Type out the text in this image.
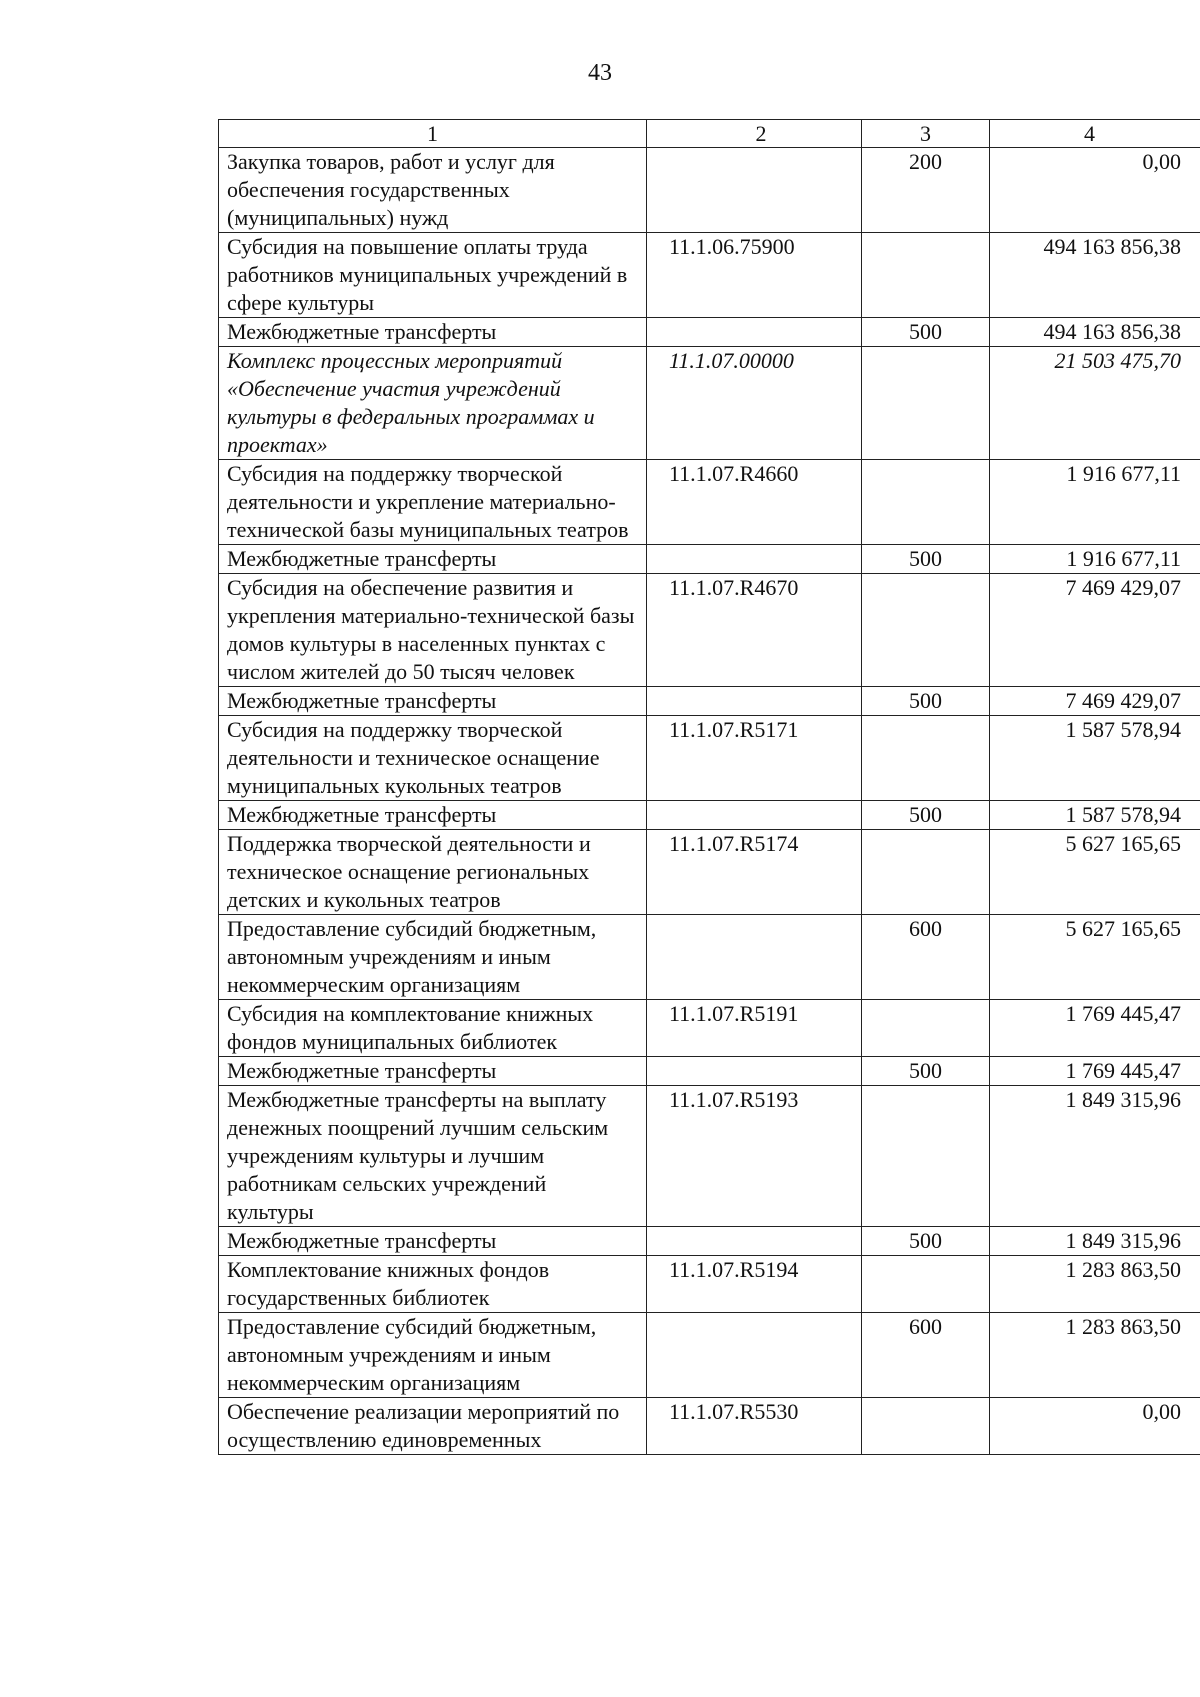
43
1	2	3	4
Закупка товаров, работ и услуг для обеспечения государственных (муниципальных) нужд		200	0,00
Субсидия на повышение оплаты труда работников муниципальных учреждений в сфере культуры	11.1.06.75900		494 163 856,38
Межбюджетные трансферты		500	494 163 856,38
Комплекс процессных мероприятий «Обеспечение участия учреждений культуры в федеральных программах и проектах»	11.1.07.00000		21 503 475,70
Субсидия на поддержку творческой деятельности и укрепление материально-технической базы муниципальных театров	11.1.07.R4660		1 916 677,11
Межбюджетные трансферты		500	1 916 677,11
Субсидия на обеспечение развития и укрепления материально-технической базы домов культуры в населенных пунктах с числом жителей до 50 тысяч человек	11.1.07.R4670		7 469 429,07
Межбюджетные трансферты		500	7 469 429,07
Субсидия на поддержку творческой деятельности и техническое оснащение муниципальных кукольных театров	11.1.07.R5171		1 587 578,94
Межбюджетные трансферты		500	1 587 578,94
Поддержка творческой деятельности и техническое оснащение региональных детских и кукольных театров	11.1.07.R5174		5 627 165,65
Предоставление субсидий бюджетным, автономным учреждениям и иным некоммерческим организациям		600	5 627 165,65
Субсидия на комплектование книжных фондов муниципальных библиотек	11.1.07.R5191		1 769 445,47
Межбюджетные трансферты		500	1 769 445,47
Межбюджетные трансферты на выплату денежных поощрений лучшим сельским учреждениям культуры и лучшим работникам сельских учреждений культуры	11.1.07.R5193		1 849 315,96
Межбюджетные трансферты		500	1 849 315,96
Комплектование книжных фондов государственных библиотек	11.1.07.R5194		1 283 863,50
Предоставление субсидий бюджетным, автономным учреждениям и иным некоммерческим организациям		600	1 283 863,50
Обеспечение реализации мероприятий по осуществлению единовременных	11.1.07.R5530		0,00
